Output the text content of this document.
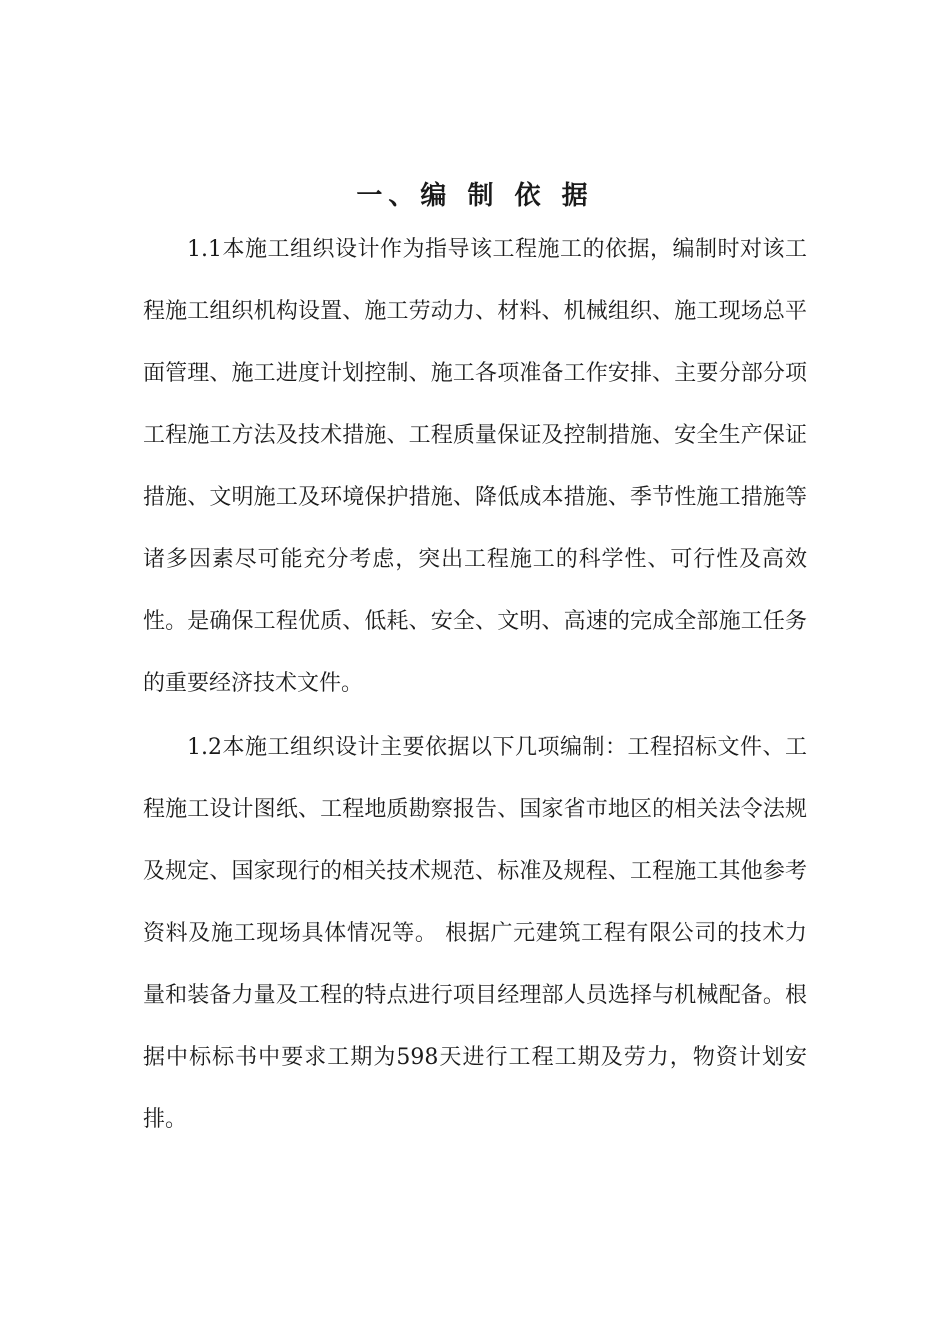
一、编 制 依 据

1.1本施工组织设计作为指导该工程施工的依据，编制时对该工程施工组织机构设置、施工劳动力、材料、机械组织、施工现场总平面管理、施工进度计划控制、施工各项准备工作安排、主要分部分项工程施工方法及技术措施、工程质量保证及控制措施、安全生产保证措施、文明施工及环境保护措施、降低成本措施、季节性施工措施等诸多因素尽可能充分考虑，突出工程施工的科学性、可行性及高效性。是确保工程优质、低耗、安全、文明、高速的完成全部施工任务的重要经济技术文件。

1.2本施工组织设计主要依据以下几项编制：工程招标文件、工程施工设计图纸、工程地质勘察报告、国家省市地区的相关法令法规及规定、国家现行的相关技术规范、标准及规程、工程施工其他参考资料及施工现场具体情况等。 根据广元建筑工程有限公司的技术力量和装备力量及工程的特点进行项目经理部人员选择与机械配备。根据中标标书中要求工期为598天进行工程工期及劳力，物资计划安排。
